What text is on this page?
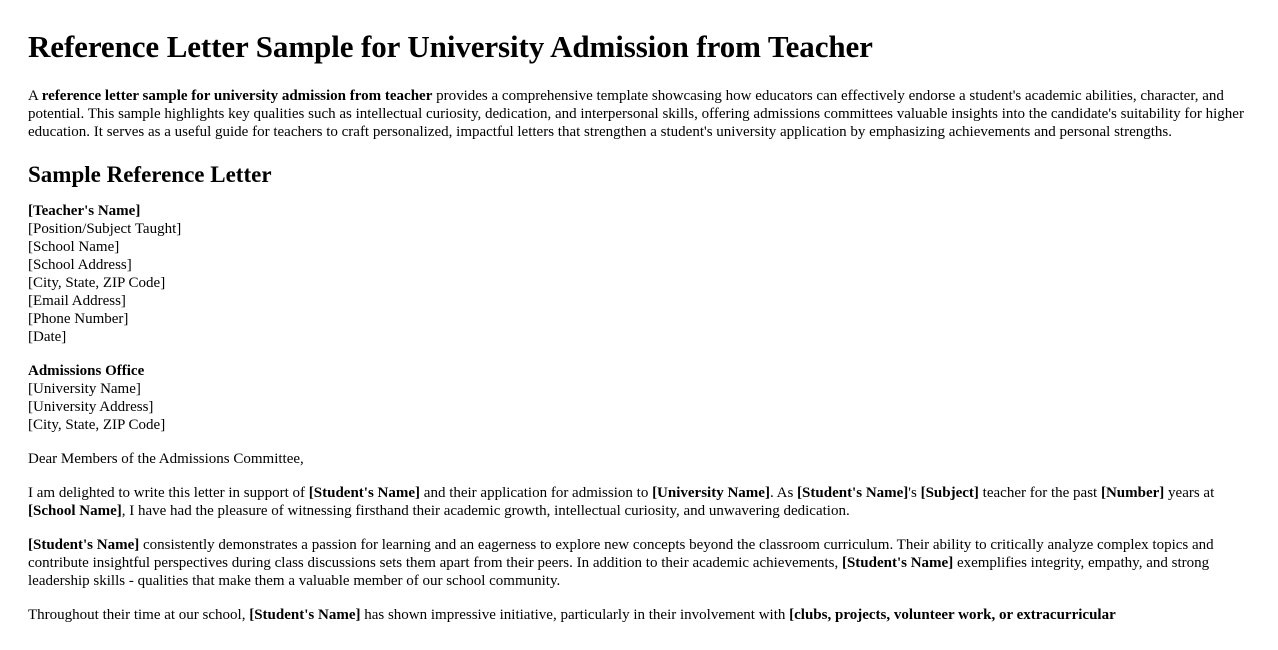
Reference Letter Sample for University Admission from Teacher

A reference letter sample for university admission from teacher provides a comprehensive template showcasing how educators can effectively endorse a student's academic abilities, character, and potential. This sample highlights key qualities such as intellectual curiosity, dedication, and interpersonal skills, offering admissions committees valuable insights into the candidate's suitability for higher education. It serves as a useful guide for teachers to craft personalized, impactful letters that strengthen a student's university application by emphasizing achievements and personal strengths.

Sample Reference Letter

[Teacher's Name]
[Position/Subject Taught]
[School Name]
[School Address]
[City, State, ZIP Code]
[Email Address]
[Phone Number]
[Date]

Admissions Office
[University Name]
[University Address]
[City, State, ZIP Code]

Dear Members of the Admissions Committee,

I am delighted to write this letter in support of [Student's Name] and their application for admission to [University Name]. As [Student's Name]'s [Subject] teacher for the past [Number] years at [School Name], I have had the pleasure of witnessing firsthand their academic growth, intellectual curiosity, and unwavering dedication.

[Student's Name] consistently demonstrates a passion for learning and an eagerness to explore new concepts beyond the classroom curriculum. Their ability to critically analyze complex topics and contribute insightful perspectives during class discussions sets them apart from their peers. In addition to their academic achievements, [Student's Name] exemplifies integrity, empathy, and strong leadership skills - qualities that make them a valuable member of our school community.

Throughout their time at our school, [Student's Name] has shown impressive initiative, particularly in their involvement with [clubs, projects, volunteer work, or extracurricular
